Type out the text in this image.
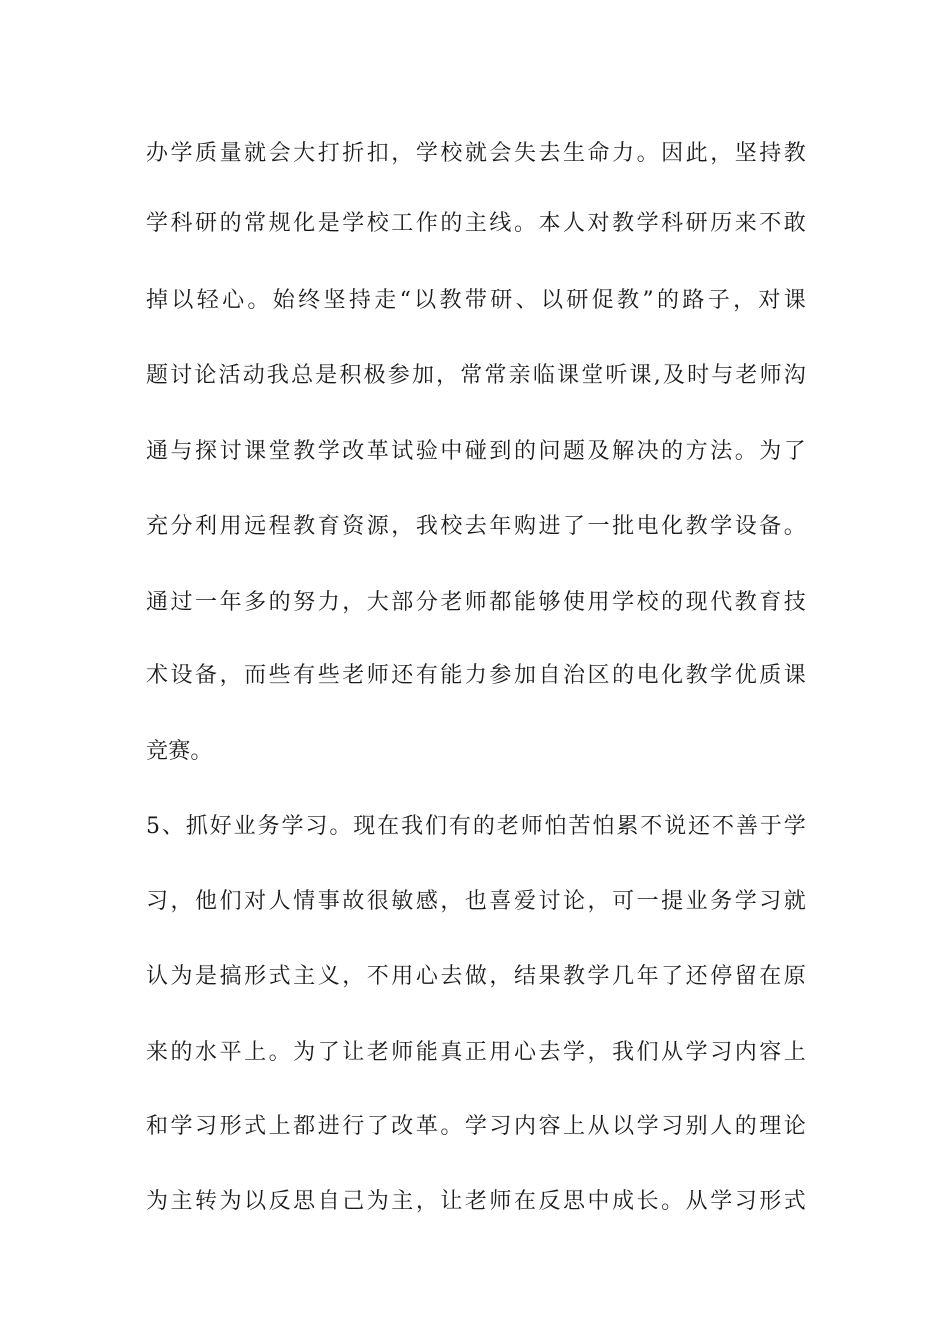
办学质量就会大打折扣，学校就会失去生命力。因此，坚持教
学科研的常规化是学校工作的主线。本人对教学科研历来不敢
掉以轻心。始终坚持走“以教带研、以研促教”的路子，对课
题讨论活动我总是积极参加，常常亲临课堂听课,及时与老师沟
通与探讨课堂教学改革试验中碰到的问题及解决的方法。为了
充分利用远程教育资源，我校去年购进了一批电化教学设备。
通过一年多的努力，大部分老师都能够使用学校的现代教育技
术设备，而些有些老师还有能力参加自治区的电化教学优质课
竞赛。
5、抓好业务学习。现在我们有的老师怕苦怕累不说还不善于学
习，他们对人情事故很敏感，也喜爱讨论，可一提业务学习就
认为是搞形式主义，不用心去做，结果教学几年了还停留在原
来的水平上。为了让老师能真正用心去学，我们从学习内容上
和学习形式上都进行了改革。学习内容上从以学习别人的理论
为主转为以反思自己为主，让老师在反思中成长。从学习形式
